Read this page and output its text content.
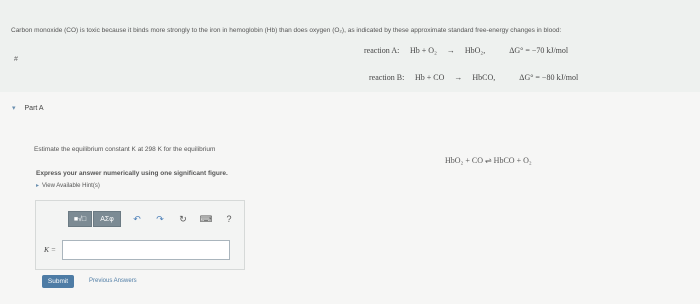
Carbon monoxide (CO) is toxic because it binds more strongly to the iron in hemoglobin (Hb) than does oxygen (O₂), as indicated by these approximate standard free-energy changes in blood:
#
reaction A: Hb + O₂ → HbO₂,	ΔG° = −70 kJ/mol
reaction B: Hb + CO → HbCO,	ΔG° = −80 kJ/mol
▾ Part A
Estimate the equilibrium constant K at 298 K for the equilibrium
HbO₂ + CO ⇌ HbCO + O₂
Express your answer numerically using one significant figure.
▸ View Available Hint(s)
■√□	AΣφ	↶	↷	↻	⌨	?
K =
Submit	Previous Answers
